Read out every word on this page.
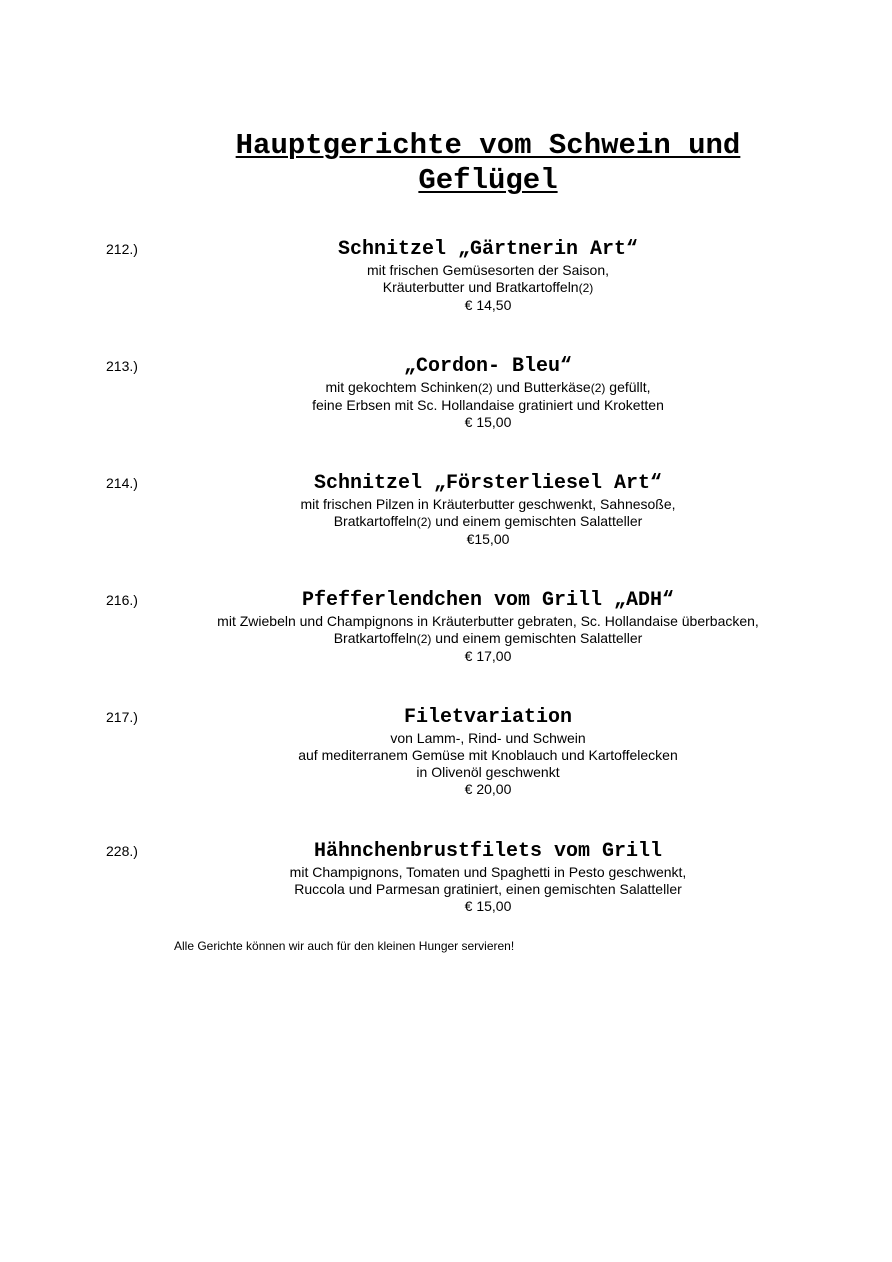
Hauptgerichte vom Schwein und Geflügel
212.)	Schnitzel „Gärtnerin Art“
mit frischen Gemüsesorten der Saison,
Kräuterbutter und Bratkartoffeln(2)
€ 14,50
213.)	„Cordon- Bleu“
mit gekochtem Schinken(2) und Butterkäse(2) gefüllt,
feine Erbsen mit Sc. Hollandaise gratiniert und Kroketten
€ 15,00
214.)	Schnitzel „Försterliesel Art“
mit frischen Pilzen in Kräuterbutter geschwenkt, Sahnesoße,
Bratkartoffeln(2) und einem gemischten Salatteller
€15,00
216.)	Pfefferlendchen vom Grill „ADH“
mit Zwiebeln und Champignons in Kräuterbutter gebraten, Sc. Hollandaise überbacken,
Bratkartoffeln(2) und einem gemischten Salatteller
€ 17,00
217.)	Filetvariation
von Lamm-, Rind- und Schwein
auf mediterranem Gemüse mit Knoblauch und Kartoffelecken
in Olivenöl geschwenkt
€ 20,00
228.)	Hähnchenbrustfilets vom Grill
mit Champignons, Tomaten und Spaghetti in Pesto geschwenkt,
Ruccola und Parmesan gratiniert, einen gemischten Salatteller
€ 15,00
Alle Gerichte können wir auch für den kleinen Hunger servieren!
